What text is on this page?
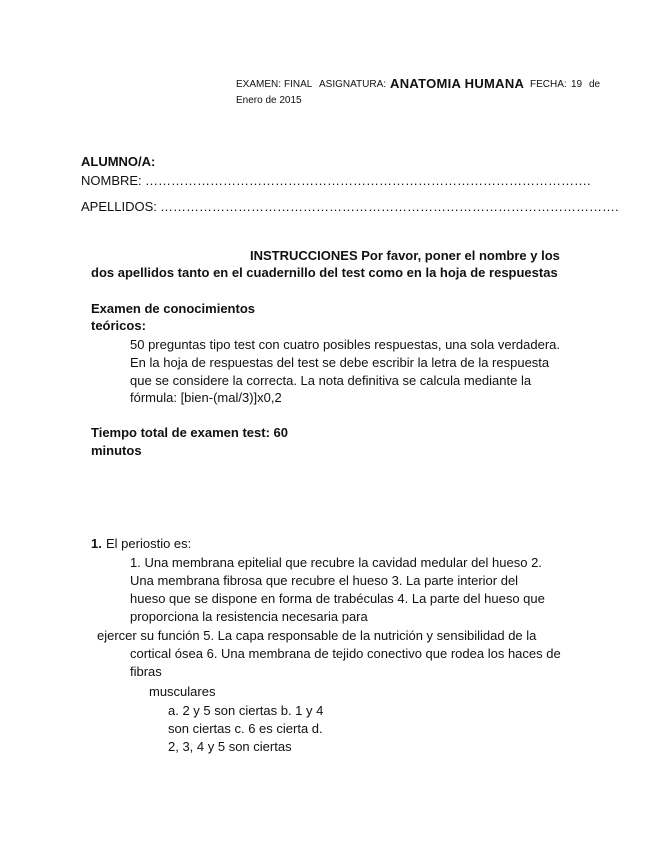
EXAMEN: FINAL ASIGNATURA: ANATOMIA HUMANA FECHA: 19 de
Enero de 2015
ALUMNO/A:
NOMBRE: ………………………………………………………………………………………….
APELLIDOS: …………………………………………………………………………………………….
INSTRUCCIONES Por favor, poner el nombre y los
dos apellidos tanto en el cuadernillo del test como en la hoja de respuestas
Examen de conocimientos
teóricos:
50 preguntas tipo test con cuatro posibles respuestas, una sola verdadera.
En la hoja de respuestas del test se debe escribir la letra de la respuesta
que se considere la correcta. La nota definitiva se calcula mediante la
fórmula: [bien-(mal/3)]x0,2
Tiempo total de examen test: 60
minutos
1. El periostio es:
1. Una membrana epitelial que recubre la cavidad medular del hueso 2.
Una membrana fibrosa que recubre el hueso 3. La parte interior del
hueso que se dispone en forma de trabéculas 4. La parte del hueso que
proporciona la resistencia necesaria para
ejercer su función 5. La capa responsable de la nutrición y sensibilidad de la
cortical ósea 6. Una membrana de tejido conectivo que rodea los haces de
fibras
musculares
a. 2 y 5 son ciertas b. 1 y 4
son ciertas c. 6 es cierta d.
2, 3, 4 y 5 son ciertas
